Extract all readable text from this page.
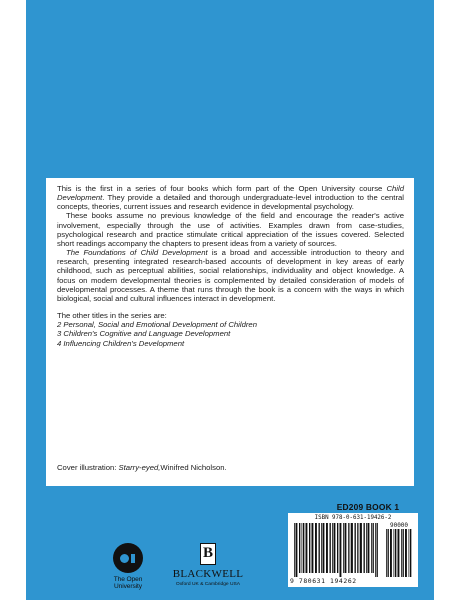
This is the first in a series of four books which form part of the Open University course Child Development. They provide a detailed and thorough undergraduate-level introduction to the central concepts, theories, current issues and research evidence in developmental psychology.

These books assume no previous knowledge of the field and encourage the reader's active involvement, especially through the use of activities. Examples drawn from case-studies, psychological research and practice stimulate critical appreciation of the issues covered. Selected short readings accompany the chapters to present ideas from a variety of sources.

The Foundations of Child Development is a broad and accessible introduction to theory and research, presenting integrated research-based accounts of development in key areas of early childhood, such as perceptual abilities, social relationships, individuality and object knowledge. A focus on modern developmental theories is complemented by detailed consideration of models of developmental processes. A theme that runs through the book is a concern with the ways in which biological, social and cultural influences interact in development.

The other titles in the series are:

2 Personal, Social and Emotional Development of Children

3 Children's Cognitive and Language Development

4 Influencing Children's Development

Cover illustration: Starry-eyed,Winifred Nicholson.
ED209 BOOK 1
ISBN 978-0-631-19426-2
90000
9 780631 194262
The Open
University
B
BLACKWELL
Oxford UK & Cambridge USA
